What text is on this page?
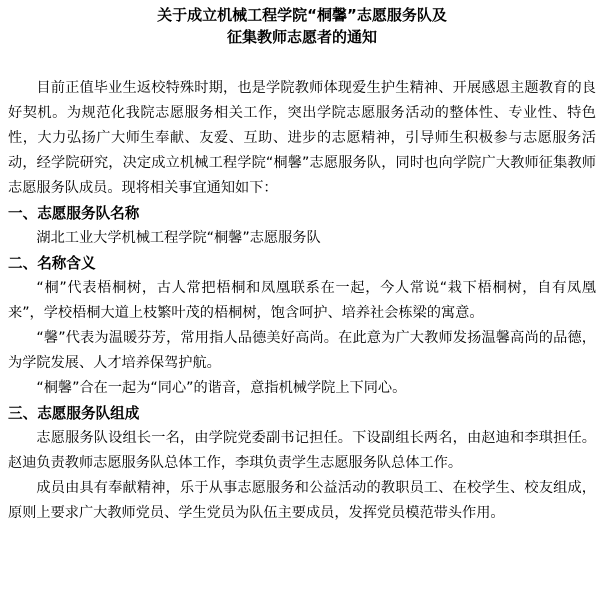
关于成立机械工程学院“桐馨”志愿服务队及

征集教师志愿者的通知

目前正值毕业生返校特殊时期，也是学院教师体现爱生护生精神、开展感恩主题教育的良好契机。为规范化我院志愿服务相关工作，突出学院志愿服务活动的整体性、专业性、特色性，大力弘扬广大师生奉献、友爱、互助、进步的志愿精神，引导师生积极参与志愿服务活动，经学院研究，决定成立机械工程学院“桐馨”志愿服务队，同时也向学院广大教师征集教师志愿服务队成员。现将相关事宜通知如下：

一、志愿服务队名称

湖北工业大学机械工程学院“桐馨”志愿服务队

二、名称含义

“桐”代表梧桐树，古人常把梧桐和凤凰联系在一起，今人常说“栽下梧桐树，自有凤凰来”，学校梧桐大道上枝繁叶茂的梧桐树，饱含呵护、培养社会栋梁的寓意。

“馨”代表为温暖芬芳，常用指人品德美好高尚。在此意为广大教师发扬温馨高尚的品德，为学院发展、人才培养保驾护航。

“桐馨”合在一起为“同心”的谐音，意指机械学院上下同心。

三、志愿服务队组成

志愿服务队设组长一名，由学院党委副书记担任。下设副组长两名，由赵迪和李琪担任。赵迪负责教师志愿服务队总体工作，李琪负责学生志愿服务队总体工作。

成员由具有奉献精神，乐于从事志愿服务和公益活动的教职员工、在校学生、校友组成，原则上要求广大教师党员、学生党员为队伍主要成员，发挥党员模范带头作用。
